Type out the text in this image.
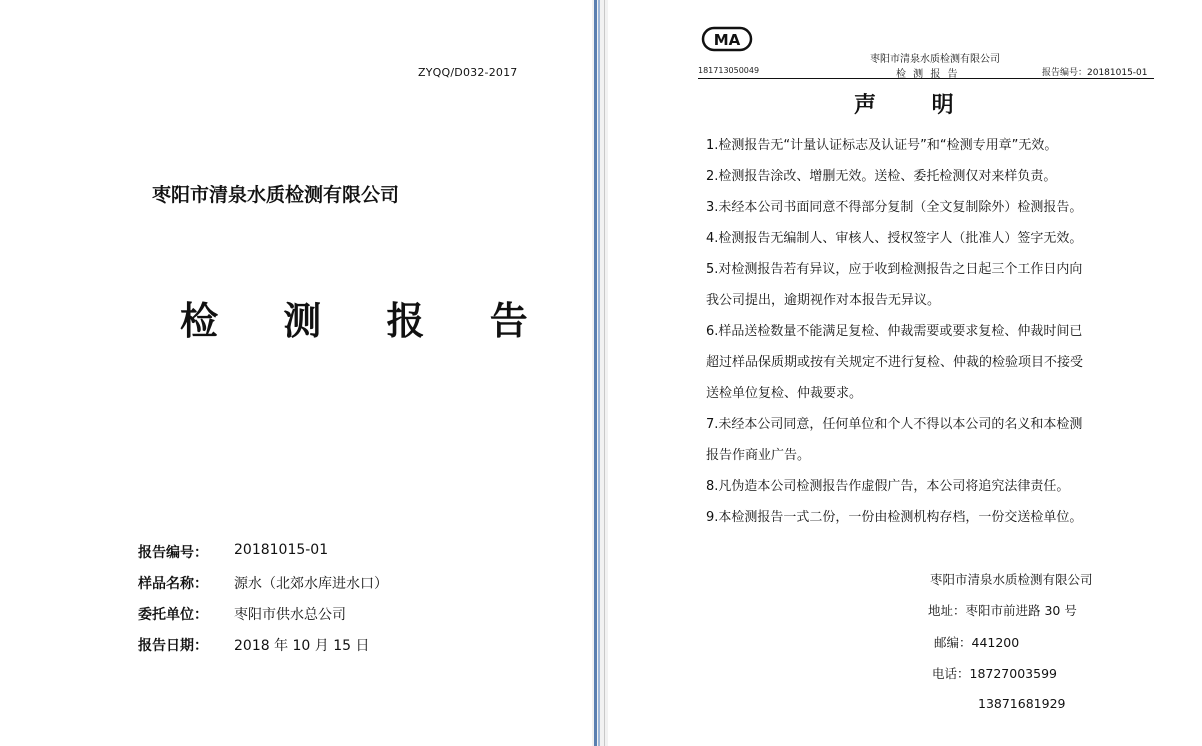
ZYQQ/D032-2017
枣阳市清泉水质检测有限公司
检 测 报 告
报告编号：	20181015-01
样品名称：	源水（北郊水库进水口）
委托单位：	枣阳市供水总公司
报告日期：	2018 年 10 月 15 日
MA
181713050049
枣阳市清泉水质检测有限公司
检 测 报 告	报告编号：20181015-01
声 明
1.检测报告无“计量认证标志及认证号”和“检测专用章”无效。
2.检测报告涂改、增删无效。送检、委托检测仅对来样负责。
3.未经本公司书面同意不得部分复制（全文复制除外）检测报告。
4.检测报告无编制人、审核人、授权签字人（批准人）签字无效。
5.对检测报告若有异议，应于收到检测报告之日起三个工作日内向
我公司提出，逾期视作对本报告无异议。
6.样品送检数量不能满足复检、仲裁需要或要求复检、仲裁时间已
超过样品保质期或按有关规定不进行复检、仲裁的检验项目不接受
送检单位复检、仲裁要求。
7.未经本公司同意，任何单位和个人不得以本公司的名义和本检测
报告作商业广告。
8.凡伪造本公司检测报告作虚假广告，本公司将追究法律责任。
9.本检测报告一式二份，一份由检测机构存档，一份交送检单位。
枣阳市清泉水质检测有限公司
地址：枣阳市前进路 30 号
邮编：441200
电话：18727003599
13871681929
